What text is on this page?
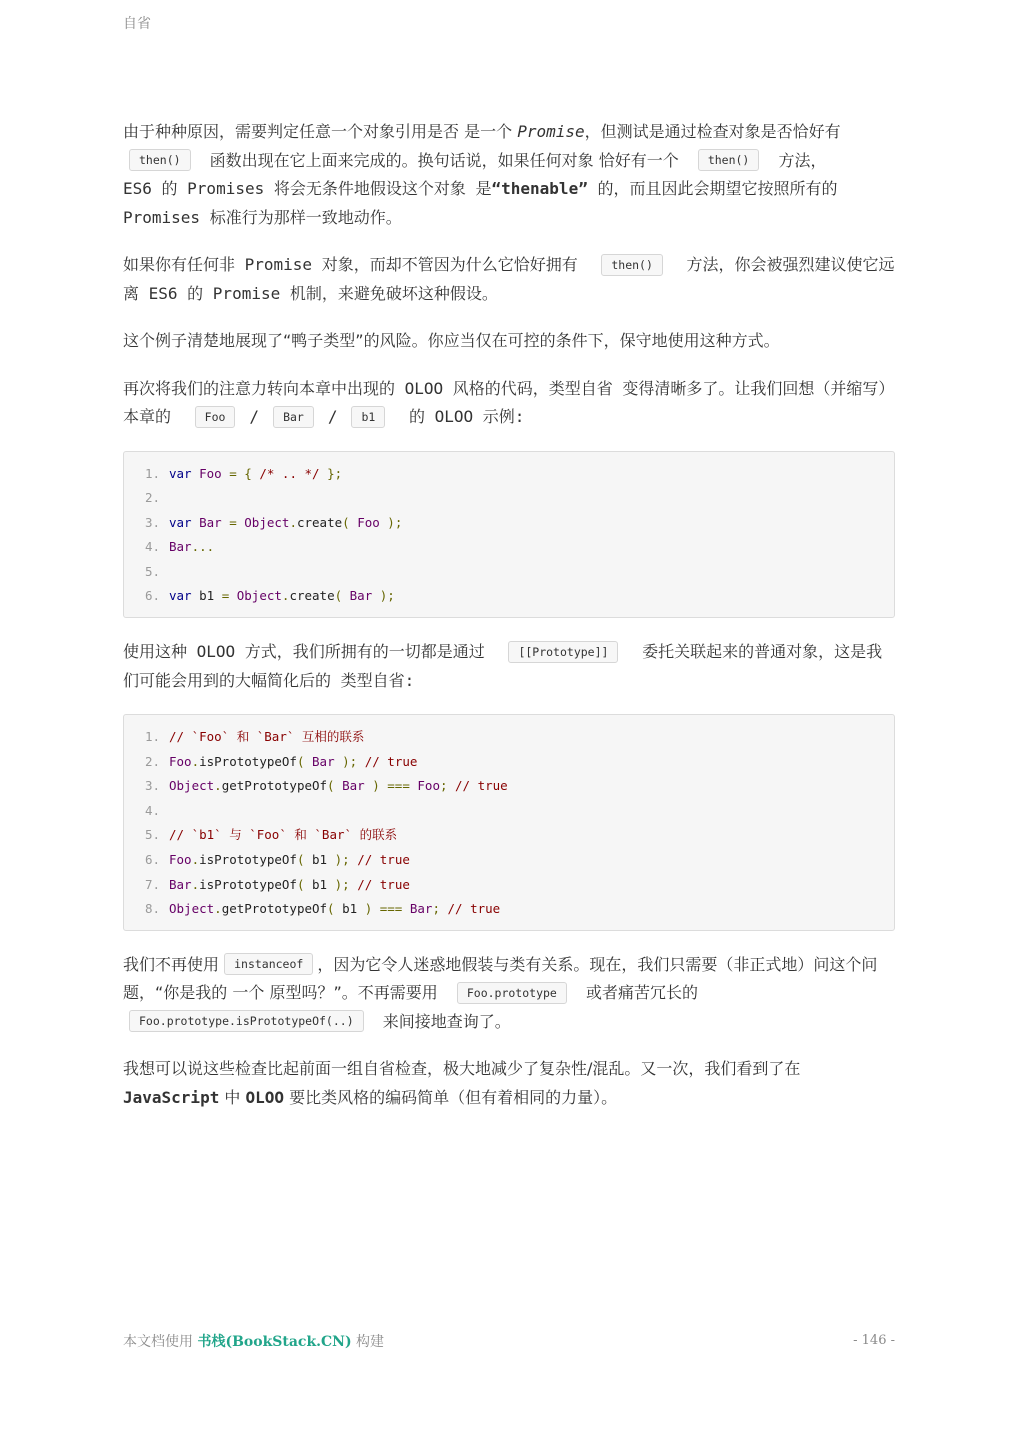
自省

由于种种原因，需要判定任意一个对象引用是否 是一个 Promise，但测试是通过检查对象是否恰好有 then() 函数出现在它上面来完成的。换句话说，如果任何对象 恰好有一个 then() 方法，
ES6 的 Promises 将会无条件地假设这个对象 是“thenable” 的，而且因此会期望它按照所有的 Promises 标准行为那样一致地动作。

如果你有任何非 Promise 对象，而却不管因为什么它恰好拥有 then() 方法，你会被强烈建议使它远离 ES6 的 Promise 机制，来避免破坏这种假设。

这个例子清楚地展现了“鸭子类型”的风险。你应当仅在可控的条件下，保守地使用这种方式。

再次将我们的注意力转向本章中出现的 OLOO 风格的代码，类型自省 变得清晰多了。让我们回想（并缩写）本章的 Foo / Bar / b1 的 OLOO 示例:

1. var Foo = { /* .. */ };
2.
3. var Bar = Object.create( Foo );
4. Bar...
5.
6. var b1 = Object.create( Bar );

使用这种 OLOO 方式，我们所拥有的一切都是通过 [[Prototype]] 委托关联起来的普通对象，这是我们可能会用到的大幅简化后的 类型自省:

1. // `Foo` 和 `Bar` 互相的联系
2. Foo.isPrototypeOf( Bar ); // true
3. Object.getPrototypeOf( Bar ) === Foo; // true
4.
5. // `b1` 与 `Foo` 和 `Bar` 的联系
6. Foo.isPrototypeOf( b1 ); // true
7. Bar.isPrototypeOf( b1 ); // true
8. Object.getPrototypeOf( b1 ) === Bar; // true

我们不再使用 instanceof ，因为它令人迷惑地假装与类有关系。现在，我们只需要（非正式地）问这个问题，“你是我的 一个 原型吗？”。不再需要用 Foo.prototype 或者痛苦冗长的 Foo.prototype.isPrototypeOf(..) 来间接地查询了。

我想可以说这些检查比起前面一组自省检查，极大地减少了复杂性/混乱。又一次，我们看到了在 JavaScript 中 OLOO 要比类风格的编码简单（但有着相同的力量）。

本文档使用 书栈(BookStack.CN) 构建	- 146 -
